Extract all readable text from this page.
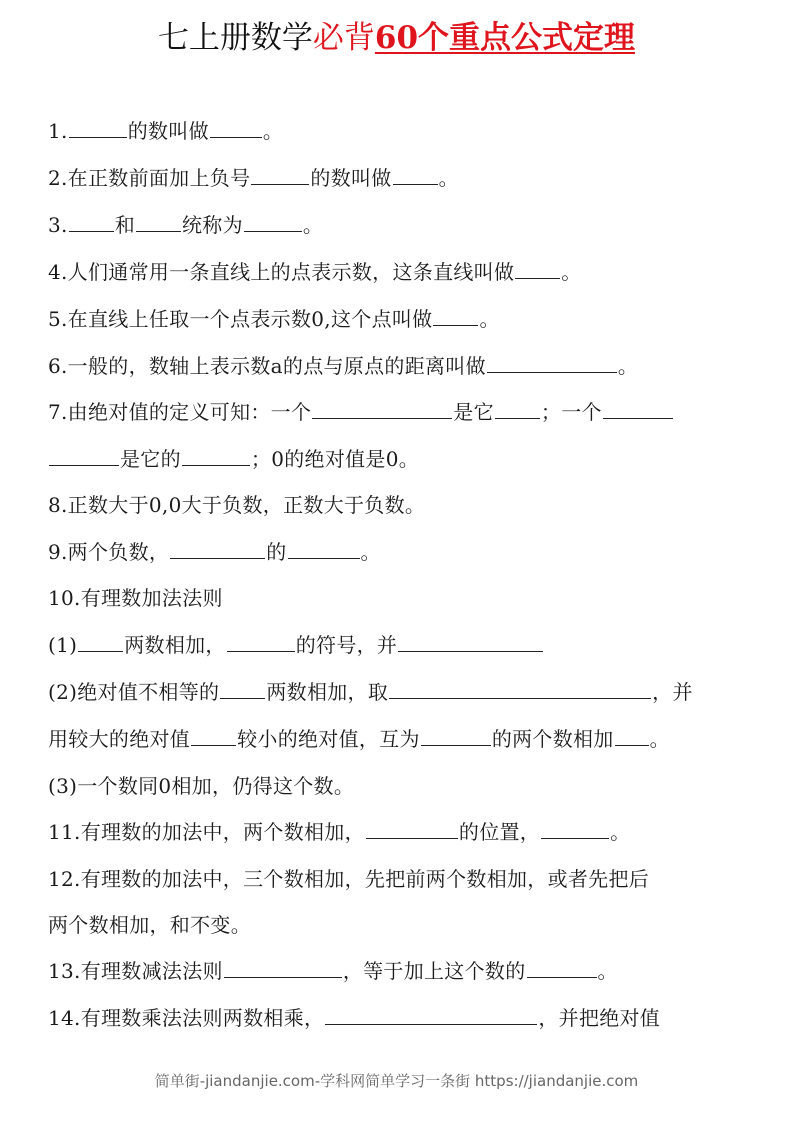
七上册数学必背60个重点公式定理
1.	的数叫做	。
2.在正数前面加上负号	的数叫做 。
3. 和 统称为	。
4.人们通常用一条直线上的点表示数，这条直线叫做 。
5.在直线上任取一个点表示数0,这个点叫做 。
6.一般的，数轴上表示数a的点与原点的距离叫做	。
7.由绝对值的定义可知：一个	是它 ；一个
是它的	；0的绝对值是0。
8.正数大于0,0大于负数，正数大于负数。
9.两个负数，	的	。
10.有理数加法法则
(1) 两数相加，	的符号，并
(2)绝对值不相等的 两数相加，取	，并
用较大的绝对值 较小的绝对值，互为	的两个数相加 。
(3)一个数同0相加，仍得这个数。
11.有理数的加法中，两个数相加，	的位置，	。
12.有理数的加法中，三个数相加，先把前两个数相加，或者先把后
两个数相加，和不变。
13.有理数减法法则	，等于加上这个数的	。
14.有理数乘法法则两数相乘，	，并把绝对值
简单街-jiandanjie.com-学科网简单学习一条街 https://jiandanjie.com
